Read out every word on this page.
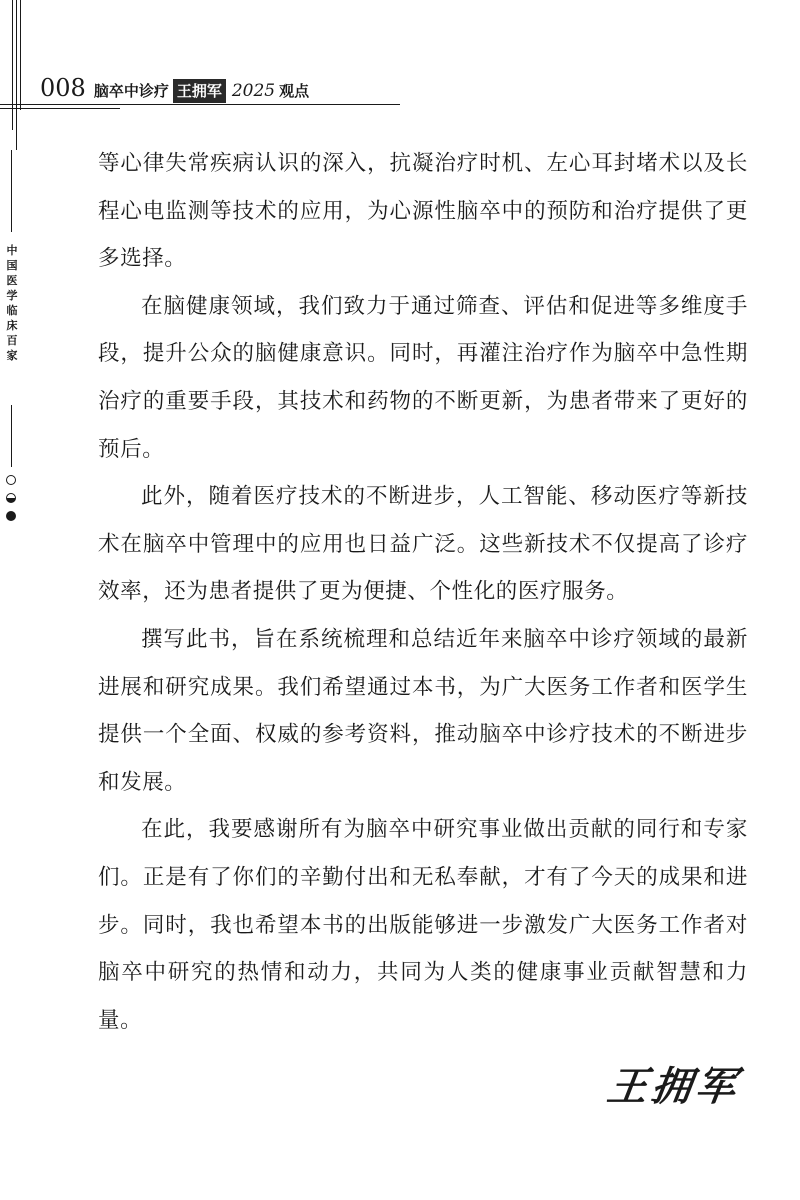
008 脑卒中诊疗 王拥军 2025 观点
中国医学临床百家

等心律失常疾病认识的深入，抗凝治疗时机、左心耳封堵术以及长程心电监测等技术的应用，为心源性脑卒中的预防和治疗提供了更多选择。

在脑健康领域，我们致力于通过筛查、评估和促进等多维度手段，提升公众的脑健康意识。同时，再灌注治疗作为脑卒中急性期治疗的重要手段，其技术和药物的不断更新，为患者带来了更好的预后。

此外，随着医疗技术的不断进步，人工智能、移动医疗等新技术在脑卒中管理中的应用也日益广泛。这些新技术不仅提高了诊疗效率，还为患者提供了更为便捷、个性化的医疗服务。

撰写此书，旨在系统梳理和总结近年来脑卒中诊疗领域的最新进展和研究成果。我们希望通过本书，为广大医务工作者和医学生提供一个全面、权威的参考资料，推动脑卒中诊疗技术的不断进步和发展。

在此，我要感谢所有为脑卒中研究事业做出贡献的同行和专家们。正是有了你们的辛勤付出和无私奉献，才有了今天的成果和进步。同时，我也希望本书的出版能够进一步激发广大医务工作者对脑卒中研究的热情和动力，共同为人类的健康事业贡献智慧和力量。

王拥军
